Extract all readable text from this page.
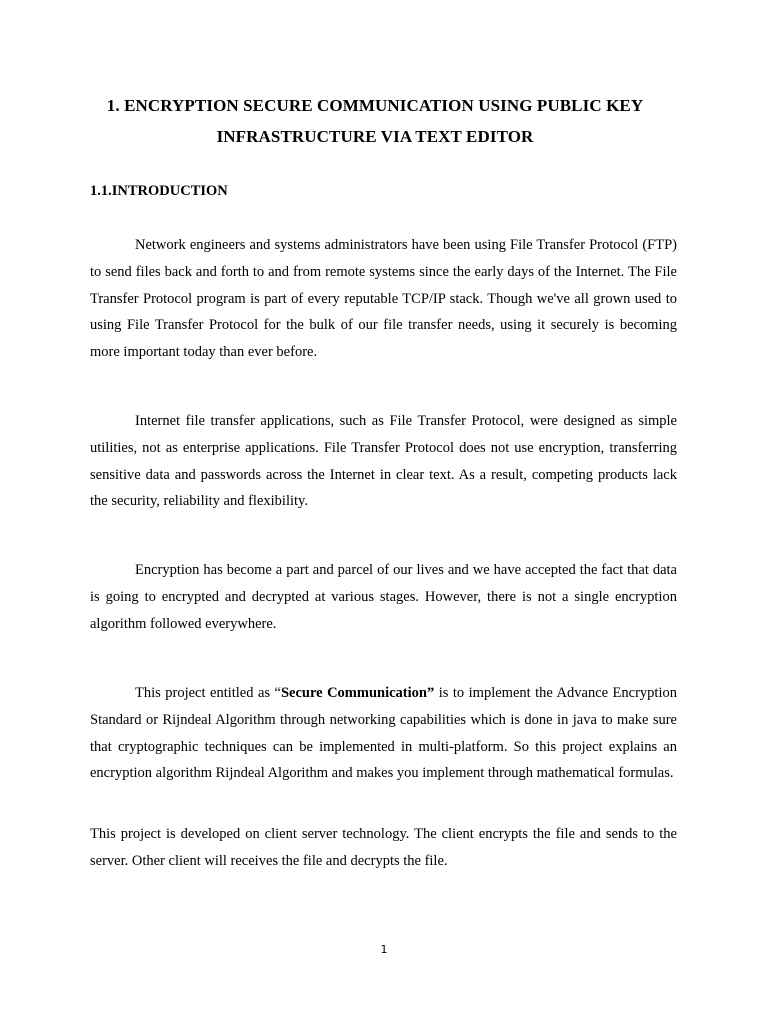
1. ENCRYPTION SECURE COMMUNICATION USING PUBLIC KEY
INFRASTRUCTURE VIA TEXT EDITOR
1.1.INTRODUCTION

Network engineers and systems administrators have been using File Transfer Protocol (FTP) to send files back and forth to and from remote systems since the early days of the Internet. The File Transfer Protocol program is part of every reputable TCP/IP stack. Though we've all grown used to using File Transfer Protocol for the bulk of our file transfer needs, using it securely is becoming more important today than ever before.

Internet file transfer applications, such as File Transfer Protocol, were designed as simple utilities, not as enterprise applications. File Transfer Protocol does not use encryption, transferring sensitive data and passwords across the Internet in clear text. As a result, competing products lack the security, reliability and flexibility.

Encryption has become a part and parcel of our lives and we have accepted the fact that data is going to encrypted and decrypted at various stages. However, there is not a single encryption algorithm followed everywhere.

This project entitled as “Secure Communication” is to implement the Advance Encryption Standard or Rijndeal Algorithm through networking capabilities which is done in java to make sure that cryptographic techniques can be implemented in multi-platform. So this project explains an encryption algorithm Rijndeal Algorithm and makes you implement through mathematical formulas.

This project is developed on client server technology. The client encrypts the file and sends to the server. Other client will receives the file and decrypts the file.

1
